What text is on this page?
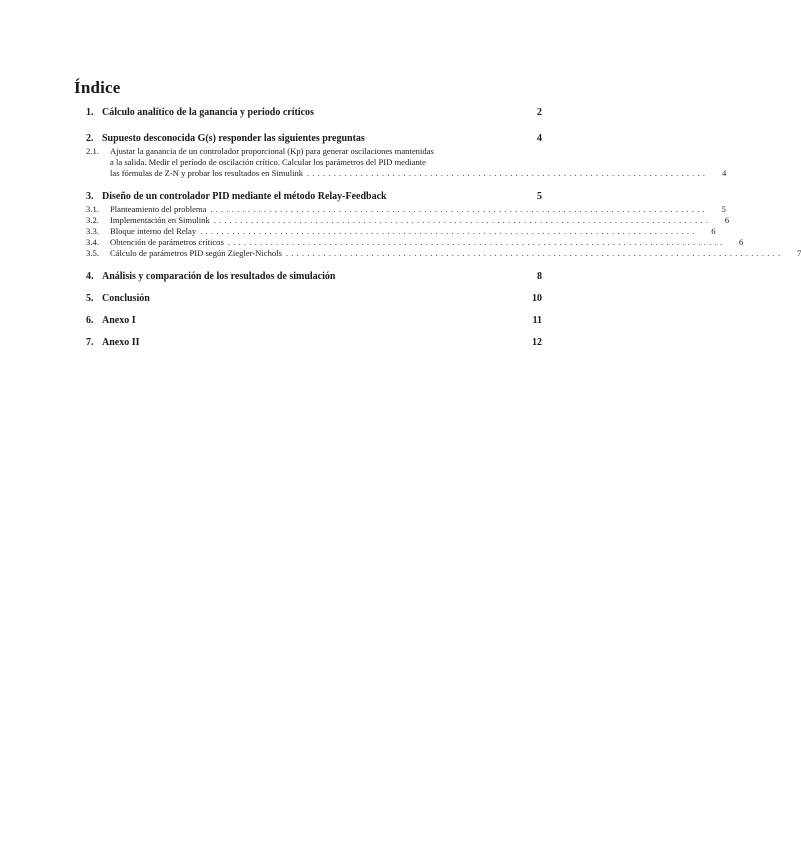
Índice
1. Cálculo analítico de la ganancia y periodo críticos	2
2. Supuesto desconocida G(s) responder las siguientes preguntas	4
2.1.	Ajustar la ganancia de un controlador proporcional (Kp) para generar oscilaciones mantenidas
a la salida. Medir el período de oscilación crítico. Calcular los parámetros del PID mediante
las fórmulas de Z-N y probar los resultados en Simulink ...........................................................................	4
3. Diseño de un controlador PID mediante el método Relay-Feedback	5
3.1.	Planteamiento del problema .............................................................................................	5
3.2.	Implementación en Simulink .............................................................................................	6
3.3.	Bloque interno del Relay .............................................................................................	6
3.4.	Obtención de parámetros críticos .............................................................................................	6
3.5.	Cálculo de parámetros PID según Ziegler-Nichols .............................................................................................	7
4. Análisis y comparación de los resultados de simulación	8
5. Conclusión	10
6. Anexo I	11
7. Anexo II	12
